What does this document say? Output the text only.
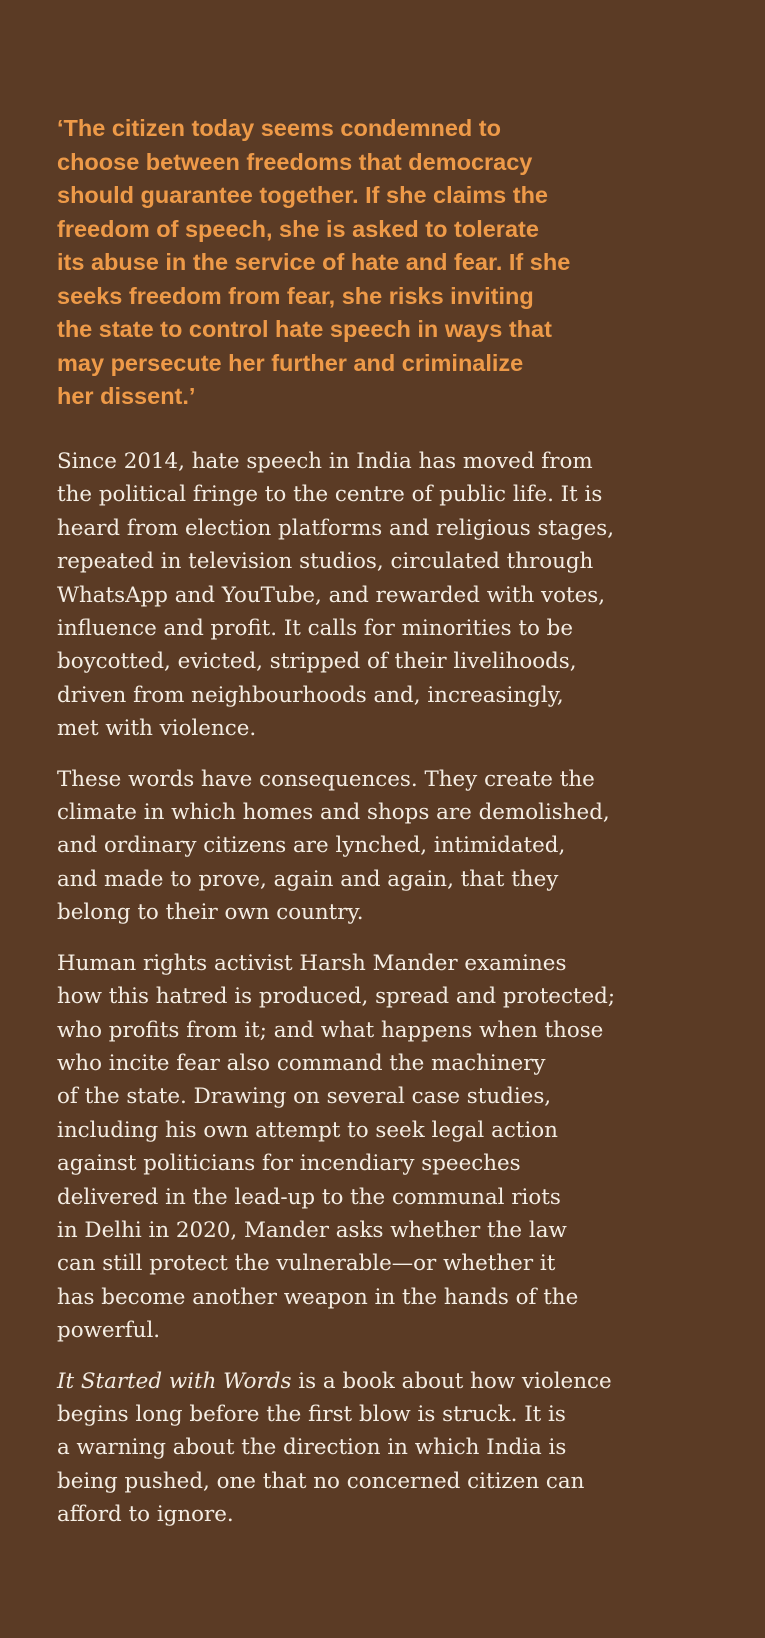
‘The citizen today seems condemned to
choose between freedoms that democracy
should guarantee together. If she claims the
freedom of speech, she is asked to tolerate
its abuse in the service of hate and fear. If she
seeks freedom from fear, she risks inviting
the state to control hate speech in ways that
may persecute her further and criminalize
her dissent.’

Since 2014, hate speech in India has moved from
the political fringe to the centre of public life. It is
heard from election platforms and religious stages,
repeated in television studios, circulated through
WhatsApp and YouTube, and rewarded with votes,
influence and profit. It calls for minorities to be
boycotted, evicted, stripped of their livelihoods,
driven from neighbourhoods and, increasingly,
met with violence.

These words have consequences. They create the
climate in which homes and shops are demolished,
and ordinary citizens are lynched, intimidated,
and made to prove, again and again, that they
belong to their own country.

Human rights activist Harsh Mander examines
how this hatred is produced, spread and protected;
who profits from it; and what happens when those
who incite fear also command the machinery
of the state. Drawing on several case studies,
including his own attempt to seek legal action
against politicians for incendiary speeches
delivered in the lead-up to the communal riots
in Delhi in 2020, Mander asks whether the law
can still protect the vulnerable—or whether it
has become another weapon in the hands of the
powerful.

It Started with Words is a book about how violence
begins long before the first blow is struck. It is
a warning about the direction in which India is
being pushed, one that no concerned citizen can
afford to ignore.
